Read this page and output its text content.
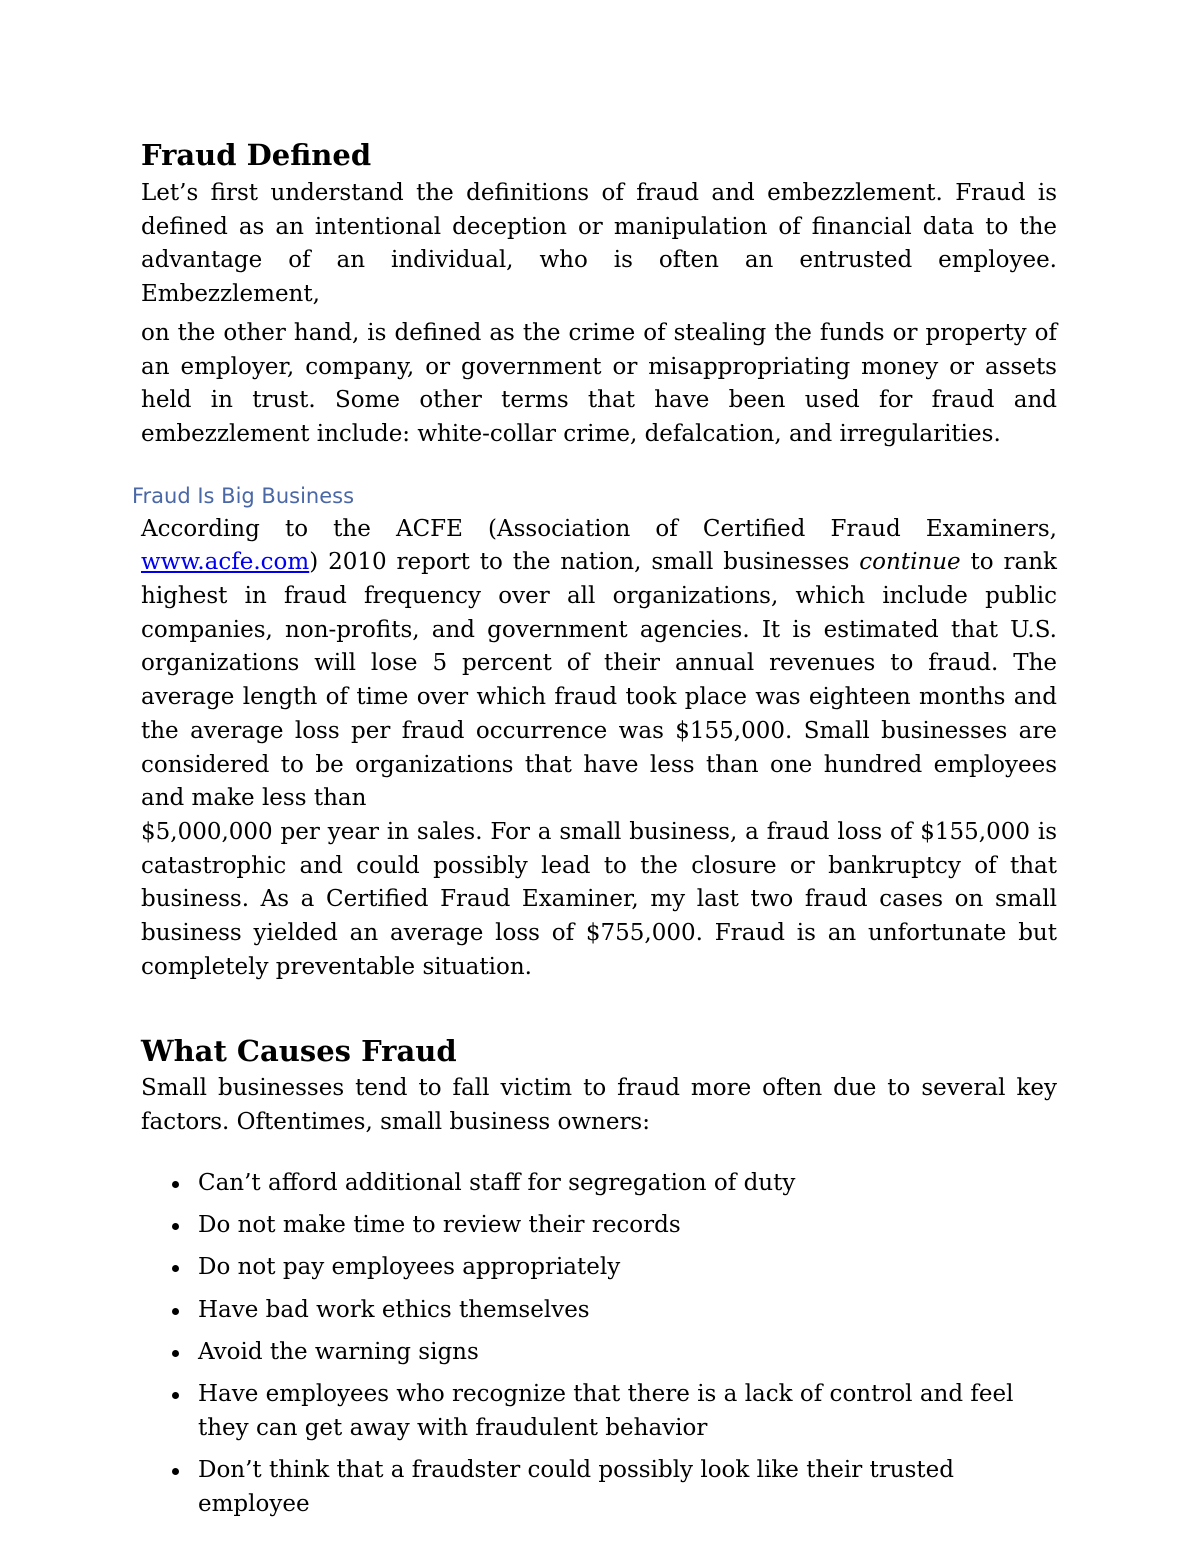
Fraud Defined

Let’s first understand the definitions of fraud and embezzlement. Fraud is defined as an intentional deception or manipulation of financial data to the advantage of an individual, who is often an entrusted employee. Embezzlement,

on the other hand, is defined as the crime of stealing the funds or property of an employer, company, or government or misappropriating money or assets held in trust. Some other terms that have been used for fraud and embezzlement include: white-collar crime, defalcation, and irregularities.

Fraud Is Big Business

According to the ACFE (Association of Certified Fraud Examiners, www.acfe.com) 2010 report to the nation, small businesses continue to rank highest in fraud frequency over all organizations, which include public companies, non-profits, and government agencies. It is estimated that U.S. organizations will lose 5 percent of their annual revenues to fraud. The average length of time over which fraud took place was eighteen months and the average loss per fraud occurrence was $155,000. Small businesses are considered to be organizations that have less than one hundred employees and make less than

$5,000,000 per year in sales. For a small business, a fraud loss of $155,000 is catastrophic and could possibly lead to the closure or bankruptcy of that business. As a Certified Fraud Examiner, my last two fraud cases on small business yielded an average loss of $755,000. Fraud is an unfortunate but completely preventable situation.

What Causes Fraud

Small businesses tend to fall victim to fraud more often due to several key factors. Oftentimes, small business owners:

Can’t afford additional staff for segregation of duty
Do not make time to review their records
Do not pay employees appropriately
Have bad work ethics themselves
Avoid the warning signs
Have employees who recognize that there is a lack of control and feel they can get away with fraudulent behavior
Don’t think that a fraudster could possibly look like their trusted employee
